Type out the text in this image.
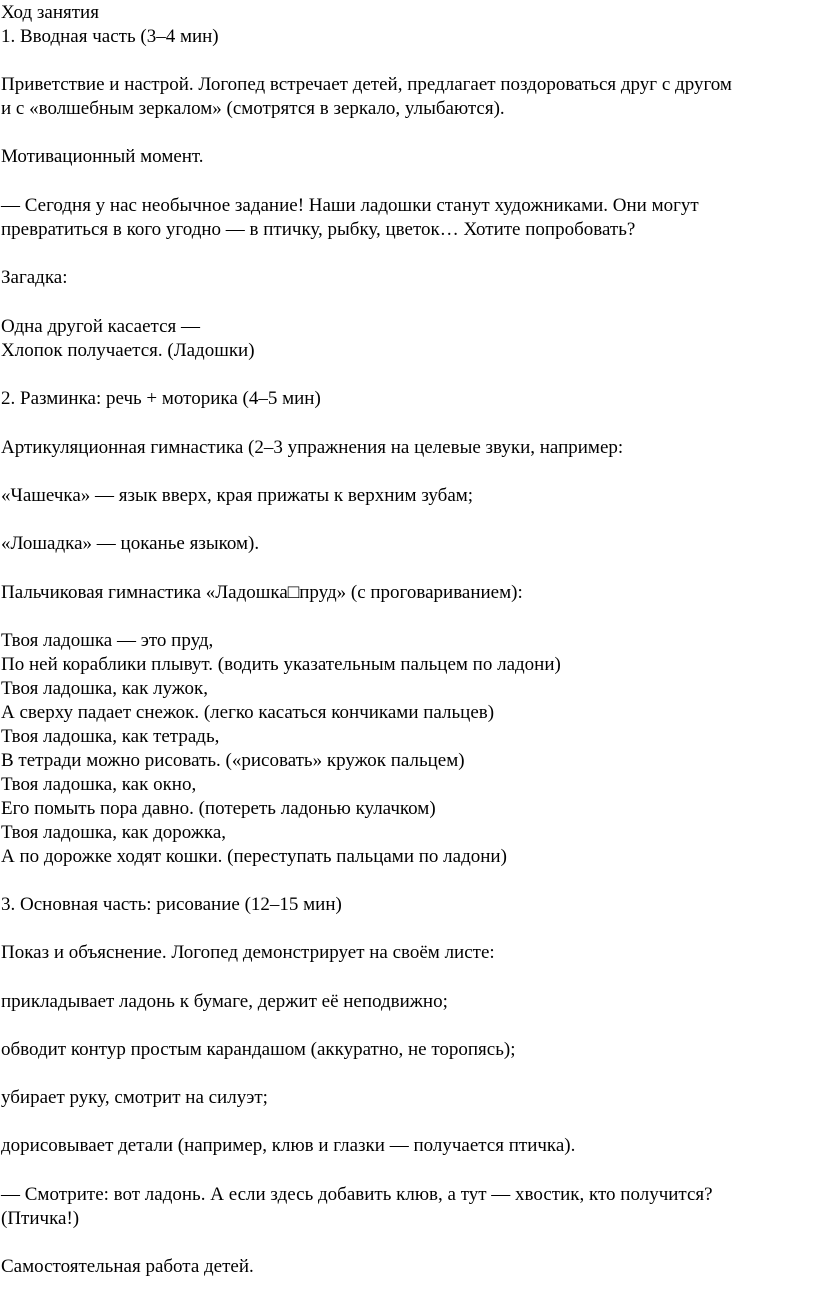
Ход занятия
1. Вводная часть (3–4 мин)
Приветствие и настрой. Логопед встречает детей, предлагает поздороваться друг с другом
и с «волшебным зеркалом» (смотрятся в зеркало, улыбаются).
Мотивационный момент.
— Сегодня у нас необычное задание! Наши ладошки станут художниками. Они могут
превратиться в кого угодно — в птичку, рыбку, цветок… Хотите попробовать?
Загадка:
Одна другой касается —
Хлопок получается. (Ладошки)
2. Разминка: речь + моторика (4–5 мин)
Артикуляционная гимнастика (2–3 упражнения на целевые звуки, например:
«Чашечка» — язык вверх, края прижаты к верхним зубам;
«Лошадка» — цоканье языком).
Пальчиковая гимнастика «Ладошка□пруд» (с проговариванием):
Твоя ладошка — это пруд,
По ней кораблики плывут. (водить указательным пальцем по ладони)
Твоя ладошка, как лужок,
А сверху падает снежок. (легко касаться кончиками пальцев)
Твоя ладошка, как тетрадь,
В тетради можно рисовать. («рисовать» кружок пальцем)
Твоя ладошка, как окно,
Его помыть пора давно. (потереть ладонью кулачком)
Твоя ладошка, как дорожка,
А по дорожке ходят кошки. (переступать пальцами по ладони)
3. Основная часть: рисование (12–15 мин)
Показ и объяснение. Логопед демонстрирует на своём листе:
прикладывает ладонь к бумаге, держит её неподвижно;
обводит контур простым карандашом (аккуратно, не торопясь);
убирает руку, смотрит на силуэт;
дорисовывает детали (например, клюв и глазки — получается птичка).
— Смотрите: вот ладонь. А если здесь добавить клюв, а тут — хвостик, кто получится?
(Птичка!)
Самостоятельная работа детей.
